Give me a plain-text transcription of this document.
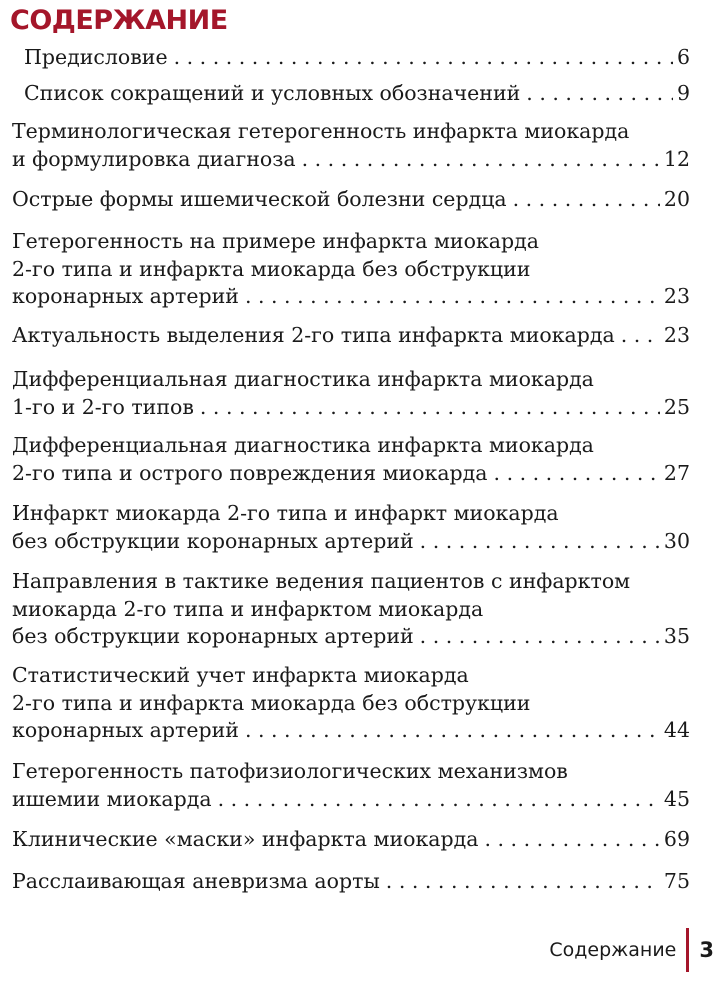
СОДЕРЖАНИЕ
Предисловие . . .	6
Список сокращений и условных обозначений . . .	9
Терминологическая гетерогенность инфаркта миокарда
и формулировка диагноза . . .	12
Острые формы ишемической болезни сердца . . .	20
Гетерогенность на примере инфаркта миокарда
2-го типа и инфаркта миокарда без обструкции
коронарных артерий . . .	23
Актуальность выделения 2-го типа инфаркта миокарда . . . 23
Дифференциальная диагностика инфаркта миокарда
1-го и 2-го типов . . .	25
Дифференциальная диагностика инфаркта миокарда
2-го типа и острого повреждения миокарда . . .	27
Инфаркт миокарда 2-го типа и инфаркт миокарда
без обструкции коронарных артерий . . .	30
Направления в тактике ведения пациентов с инфарктом
миокарда 2-го типа и инфарктом миокарда
без обструкции коронарных артерий . . .	35
Статистический учет инфаркта миокарда
2-го типа и инфаркта миокарда без обструкции
коронарных артерий . . .	44
Гетерогенность патофизиологических механизмов
ишемии миокарда . . .	45
Клинические «маски» инфаркта миокарда . . .	69
Расслаивающая аневризма аорты . . .	75
Содержание 3
